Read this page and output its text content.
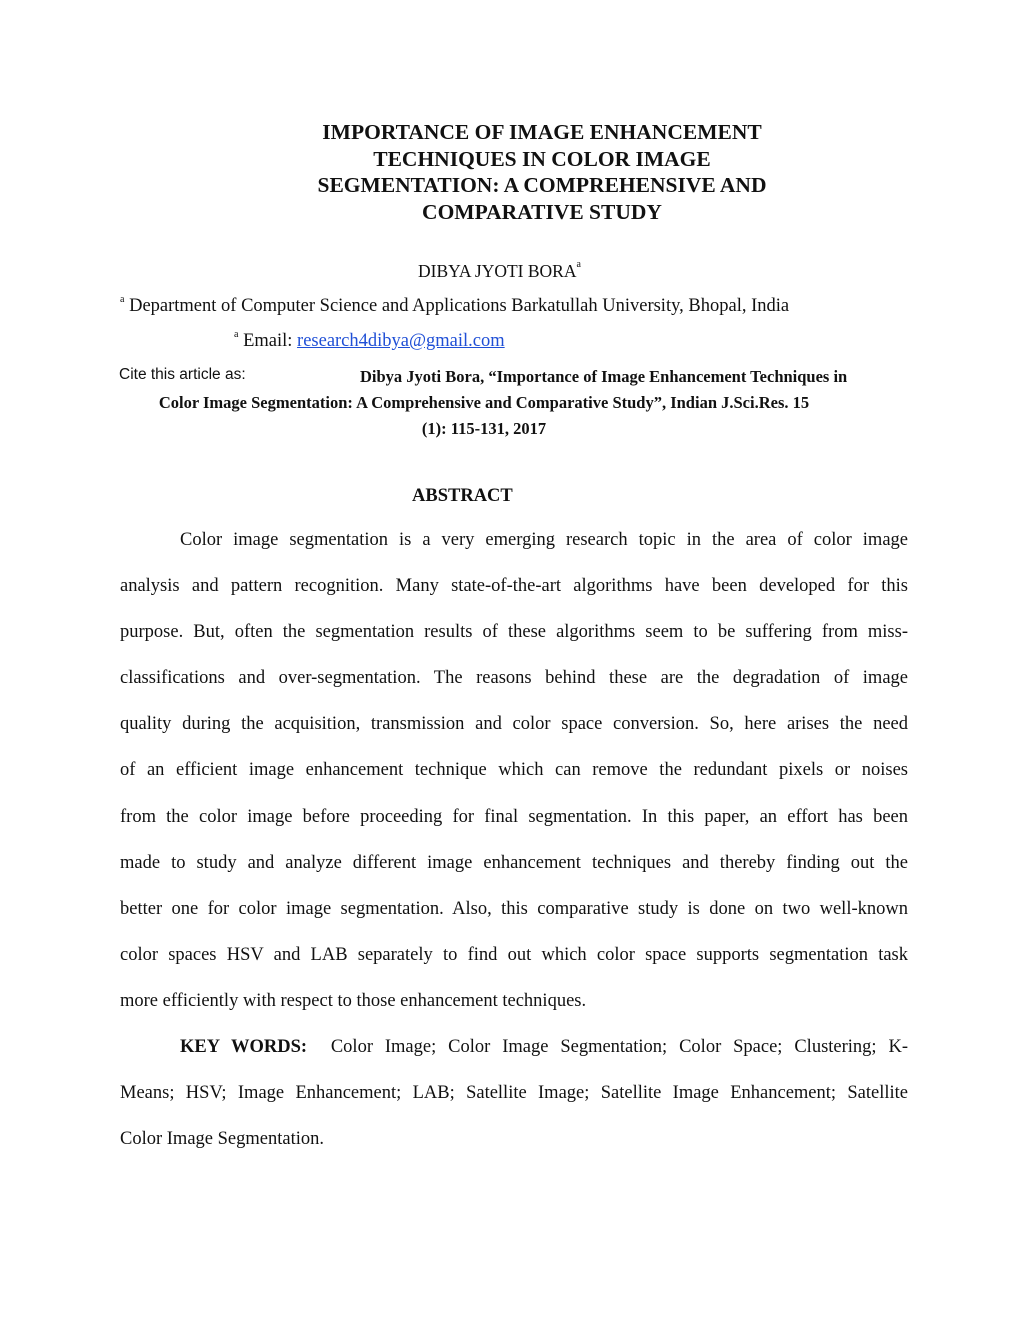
IMPORTANCE OF IMAGE ENHANCEMENT
TECHNIQUES IN COLOR IMAGE
SEGMENTATION: A COMPREHENSIVE AND
COMPARATIVE STUDY
DIBYA JYOTI BORA$^a$
$^a$ Department of Computer Science and Applications Barkatullah University, Bhopal, India
$^a$ Email: research4dibya@gmail.com
Cite this article as:	Dibya Jyoti Bora, “Importance of Image Enhancement Techniques in
Color Image Segmentation: A Comprehensive and Comparative Study”, Indian J.Sci.Res. 15
(1): 115-131, 2017
ABSTRACT
Color image segmentation is a very emerging research topic in the area of color image
analysis and pattern recognition. Many state-of-the-art algorithms have been developed for this
purpose. But, often the segmentation results of these algorithms seem to be suffering from miss-
classifications and over-segmentation. The reasons behind these are the degradation of image
quality during the acquisition, transmission and color space conversion. So, here arises the need
of an efficient image enhancement technique which can remove the redundant pixels or noises
from the color image before proceeding for final segmentation. In this paper, an effort has been
made to study and analyze different image enhancement techniques and thereby finding out the
better one for color image segmentation. Also, this comparative study is done on two well-known
color spaces HSV and LAB separately to find out which color space supports segmentation task
more efficiently with respect to those enhancement techniques.
KEY WORDS: Color Image; Color Image Segmentation; Color Space; Clustering; K-
Means; HSV; Image Enhancement; LAB; Satellite Image; Satellite Image Enhancement; Satellite
Color Image Segmentation.
